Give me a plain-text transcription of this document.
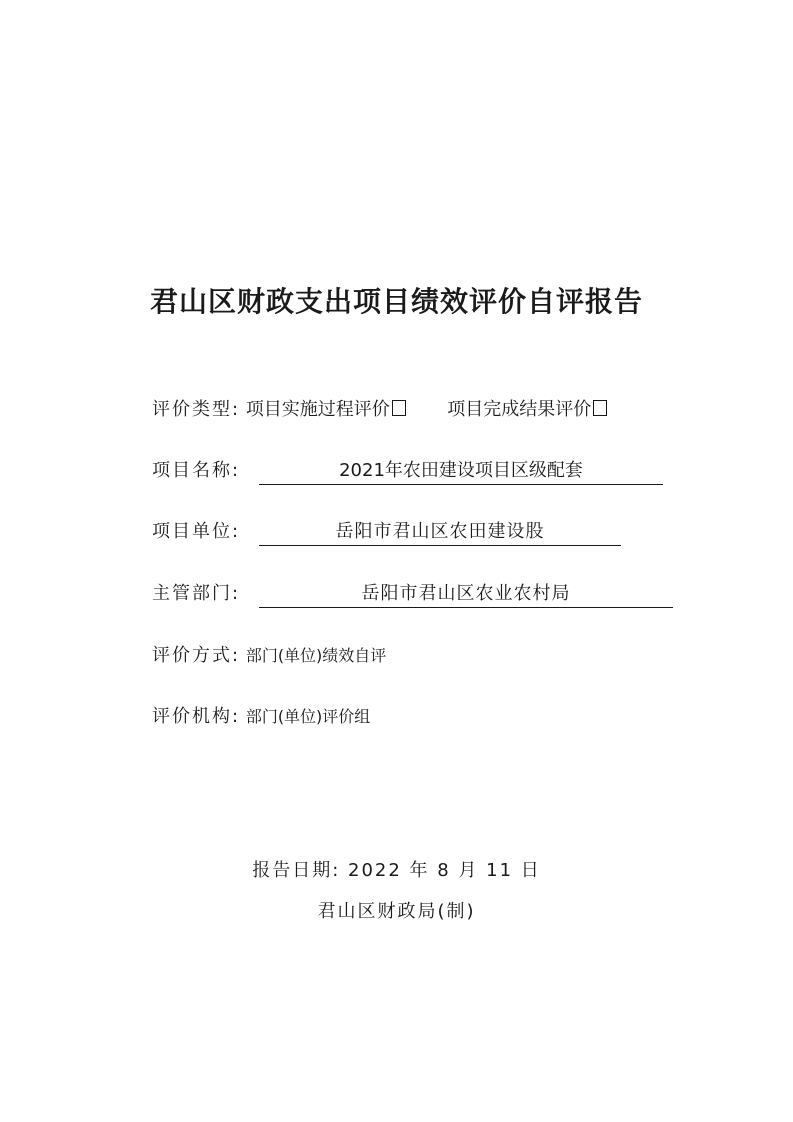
君山区财政支出项目绩效评价自评报告
评价类型: 项目实施过程评价	项目完成结果评价
项目名称:	2021年农田建设项目区级配套
项目单位:	岳阳市君山区农田建设股
主管部门:	岳阳市君山区农业农村局
评价方式: 部门(单位)绩效自评
评价机构: 部门(单位)评价组
报告日期: 2022 年 8 月 11 日
君山区财政局(制)
